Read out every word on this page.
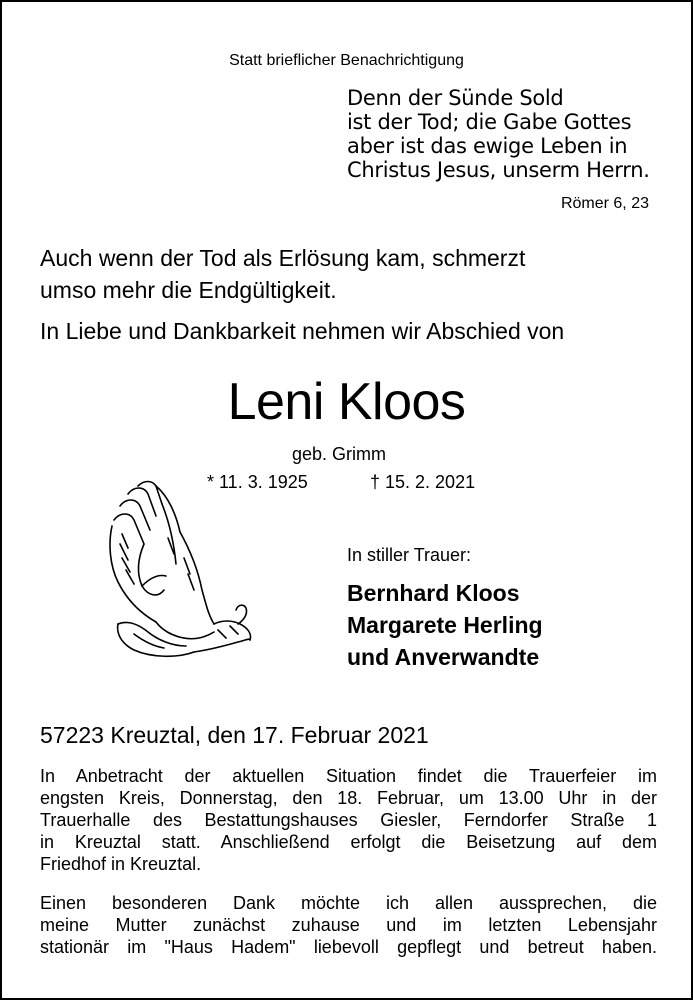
Statt brieflicher Benachrichtigung
Denn der Sünde Sold
ist der Tod; die Gabe Gottes
aber ist das ewige Leben in
Christus Jesus, unserm Herrn.
Römer 6, 23
Auch wenn der Tod als Erlösung kam, schmerzt
umso mehr die Endgültigkeit.
In Liebe und Dankbarkeit nehmen wir Abschied von
Leni Kloos
geb. Grimm
* 11. 3. 1925	† 15. 2. 2021
In stiller Trauer:
Bernhard Kloos
Margarete Herling
und Anverwandte
57223 Kreuztal, den 17. Februar 2021
In Anbetracht der aktuellen Situation findet die Trauerfeier im
engsten Kreis, Donnerstag, den 18. Februar, um 13.00 Uhr in der
Trauerhalle des Bestattungshauses Giesler, Ferndorfer Straße 1
in Kreuztal statt. Anschließend erfolgt die Beisetzung auf dem
Friedhof in Kreuztal.
Einen besonderen Dank möchte ich allen aussprechen, die
meine Mutter zunächst zuhause und im letzten Lebensjahr
stationär im "Haus Hadem" liebevoll gepflegt und betreut haben.
